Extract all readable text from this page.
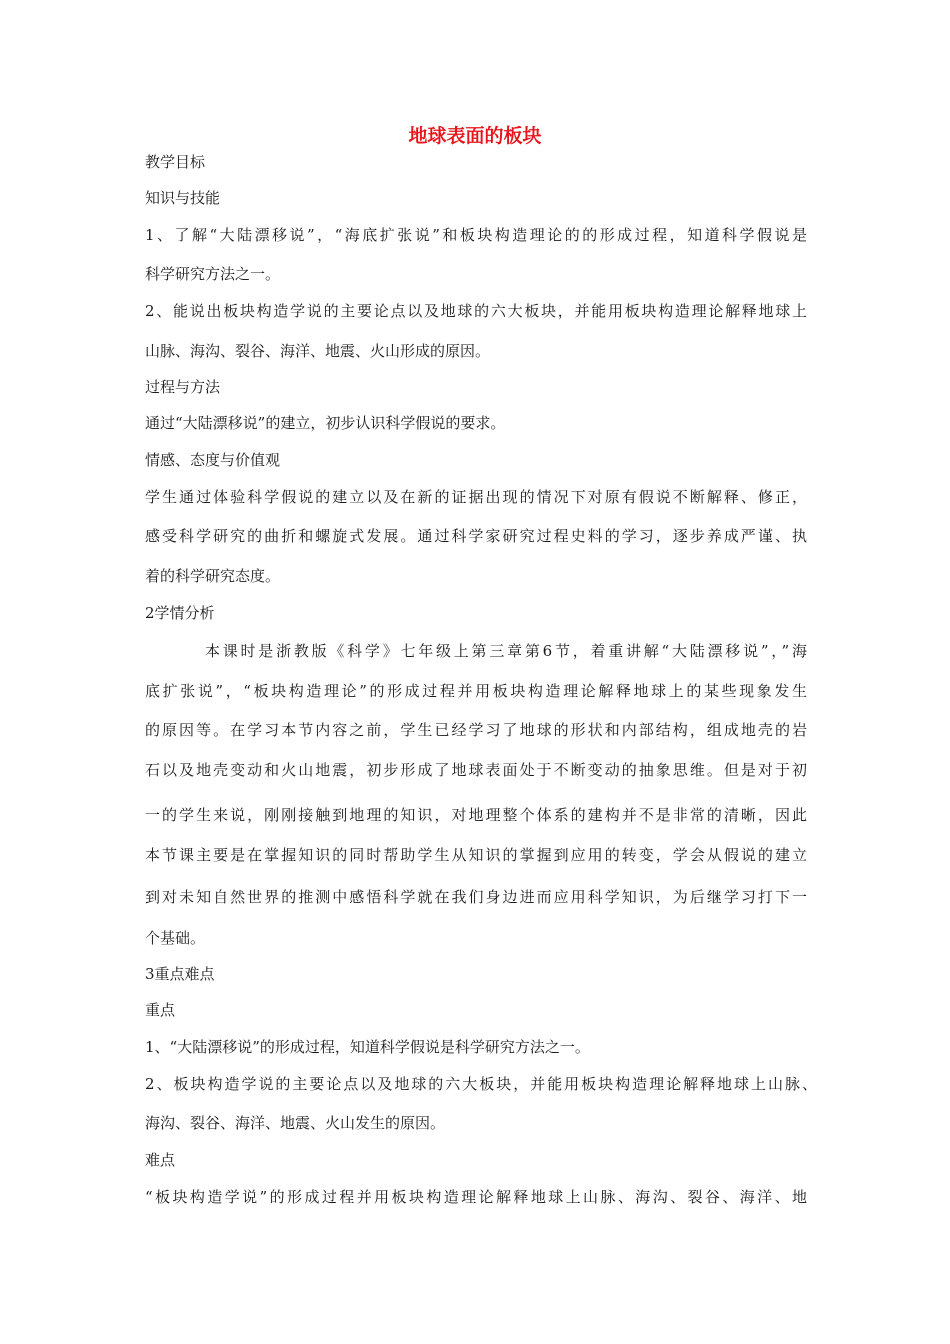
地球表面的板块
教学目标
知识与技能
1、了解“大陆漂移说”，“海底扩张说”和板块构造理论的的形成过程，知道科学假说是
科学研究方法之一。
2、能说出板块构造学说的主要论点以及地球的六大板块，并能用板块构造理论解释地球上
山脉、海沟、裂谷、海洋、地震、火山形成的原因。
过程与方法
通过“大陆漂移说”的建立，初步认识科学假说的要求。
情感、态度与价值观
学生通过体验科学假说的建立以及在新的证据出现的情况下对原有假说不断解释、修正，
感受科学研究的曲折和螺旋式发展。通过科学家研究过程史料的学习，逐步养成严谨、执
着的科学研究态度。
2学情分析
本课时是浙教版《科学》七年级上第三章第6节，着重讲解“大陆漂移说”，”海
底扩张说”，“板块构造理论”的形成过程并用板块构造理论解释地球上的某些现象发生
的原因等。在学习本节内容之前，学生已经学习了地球的形状和内部结构，组成地壳的岩
石以及地壳变动和火山地震，初步形成了地球表面处于不断变动的抽象思维。但是对于初
一的学生来说，刚刚接触到地理的知识，对地理整个体系的建构并不是非常的清晰，因此
本节课主要是在掌握知识的同时帮助学生从知识的掌握到应用的转变，学会从假说的建立
到对未知自然世界的推测中感悟科学就在我们身边进而应用科学知识，为后继学习打下一
个基础。
3重点难点
重点
1、“大陆漂移说”的形成过程，知道科学假说是科学研究方法之一。
2、板块构造学说的主要论点以及地球的六大板块，并能用板块构造理论解释地球上山脉、
海沟、裂谷、海洋、地震、火山发生的原因。
难点
“板块构造学说”的形成过程并用板块构造理论解释地球上山脉、海沟、裂谷、海洋、地
